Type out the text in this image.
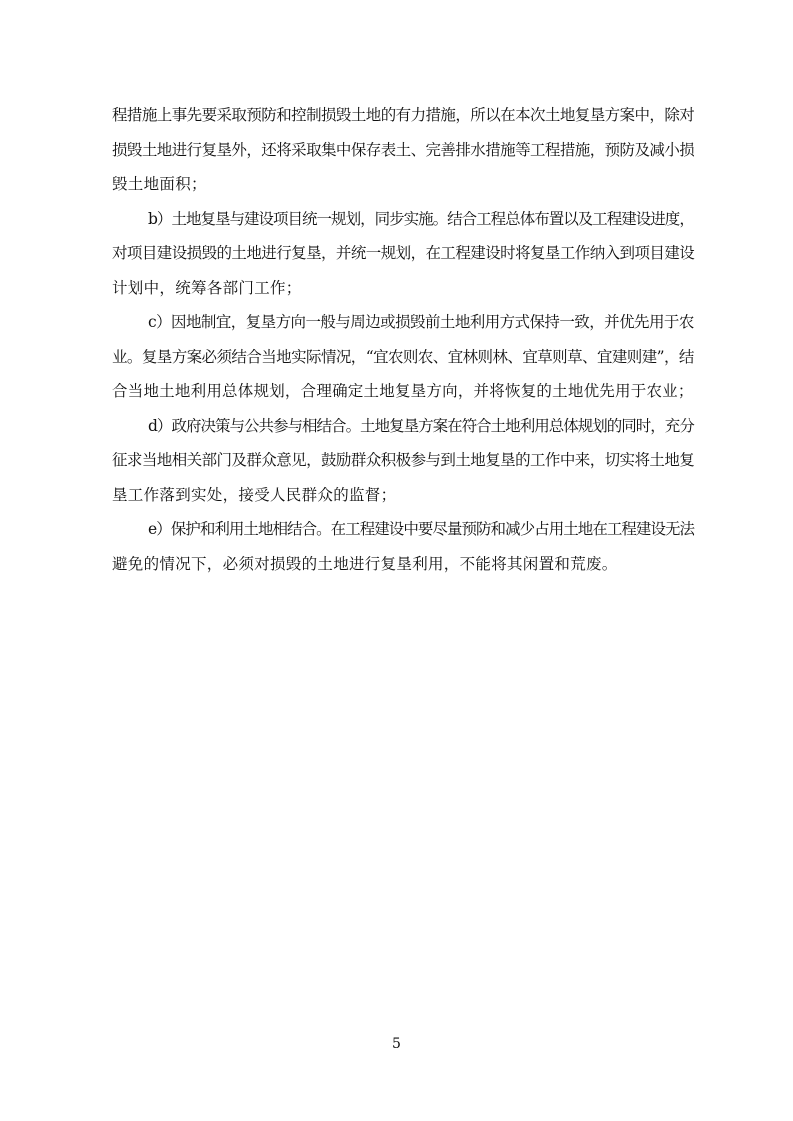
程措施上事先要采取预防和控制损毁土地的有力措施，所以在本次土地复垦方案中，除对
损毁土地进行复垦外，还将采取集中保存表土、完善排水措施等工程措施，预防及减小损
毁土地面积；

b）土地复垦与建设项目统一规划，同步实施。结合工程总体布置以及工程建设进度，
对项目建设损毁的土地进行复垦，并统一规划，在工程建设时将复垦工作纳入到项目建设
计划中，统筹各部门工作；

c）因地制宜，复垦方向一般与周边或损毁前土地利用方式保持一致，并优先用于农
业。复垦方案必须结合当地实际情况，“宜农则农、宜林则林、宜草则草、宜建则建”，结
合当地土地利用总体规划，合理确定土地复垦方向，并将恢复的土地优先用于农业；

d）政府决策与公共参与相结合。土地复垦方案在符合土地利用总体规划的同时，充分
征求当地相关部门及群众意见，鼓励群众积极参与到土地复垦的工作中来，切实将土地复
垦工作落到实处，接受人民群众的监督；

e）保护和利用土地相结合。在工程建设中要尽量预防和减少占用土地在工程建设无法
避免的情况下，必须对损毁的土地进行复垦利用，不能将其闲置和荒废。

5
